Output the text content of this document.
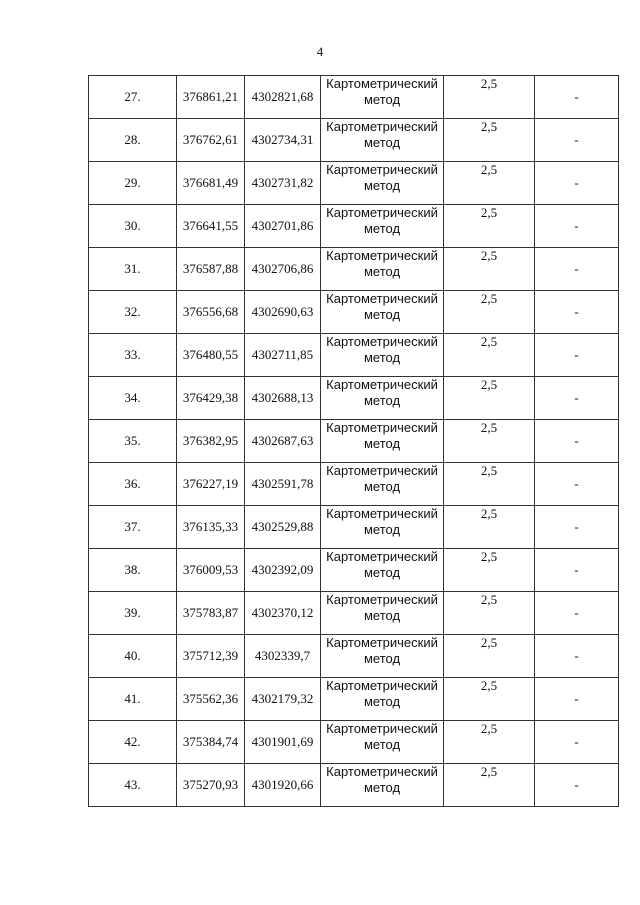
4
27.	376861,21	4302821,68	Картометрический метод	2,5	-
28.	376762,61	4302734,31	Картометрический метод	2,5	-
29.	376681,49	4302731,82	Картометрический метод	2,5	-
30.	376641,55	4302701,86	Картометрический метод	2,5	-
31.	376587,88	4302706,86	Картометрический метод	2,5	-
32.	376556,68	4302690,63	Картометрический метод	2,5	-
33.	376480,55	4302711,85	Картометрический метод	2,5	-
34.	376429,38	4302688,13	Картометрический метод	2,5	-
35.	376382,95	4302687,63	Картометрический метод	2,5	-
36.	376227,19	4302591,78	Картометрический метод	2,5	-
37.	376135,33	4302529,88	Картометрический метод	2,5	-
38.	376009,53	4302392,09	Картометрический метод	2,5	-
39.	375783,87	4302370,12	Картометрический метод	2,5	-
40.	375712,39	4302339,7	Картометрический метод	2,5	-
41.	375562,36	4302179,32	Картометрический метод	2,5	-
42.	375384,74	4301901,69	Картометрический метод	2,5	-
43.	375270,93	4301920,66	Картометрический метод	2,5	-
